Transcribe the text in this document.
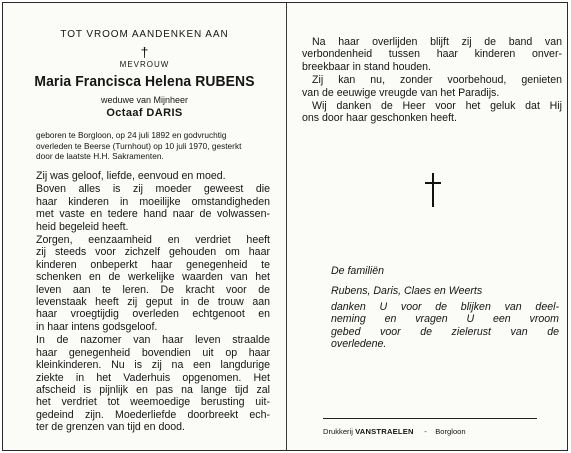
TOT VROOM AANDENKEN AAN
†
MEVROUW
Maria Francisca Helena RUBENS
weduwe van Mijnheer
Octaaf DARIS
geboren te Borgloon, op 24 juli 1892 en godvruchtig
overleden te Beerse (Turnhout) op 10 juli 1970, gesterkt
door de laatste H.H. Sakramenten.
Zij was geloof, liefde, eenvoud en moed.
Boven alles is zij moeder geweest die
haar kinderen in moeilijke omstandigheden
met vaste en tedere hand naar de volwassen-
heid begeleid heeft.
Zorgen, eenzaamheid en verdriet heeft
zij steeds voor zichzelf gehouden om haar
kinderen onbeperkt haar genegenheid te
schenken en de werkelijke waarden van het
leven aan te leren. De kracht voor de
levenstaak heeft zij geput in de trouw aan
haar vroegtijdig overleden echtgenoot en
in haar intens godsgeloof.
In de nazomer van haar leven straalde
haar genegenheid bovendien uit op haar
kleinkinderen. Nu is zij na een langdurige
ziekte in het Vaderhuis opgenomen. Het
afscheid is pijnlijk en pas na lange tijd zal
het verdriet tot weemoedige berusting uit-
gedeind zijn. Moederliefde doorbreekt ech-
ter de grenzen van tijd en dood.
Na haar overlijden blijft zij de band van
verbondenheid tussen haar kinderen onver-
breekbaar in stand houden.
Zij kan nu, zonder voorbehoud, genieten
van de eeuwige vreugde van het Paradijs.
Wij danken de Heer voor het geluk dat Hij
ons door haar geschonken heeft.
De familiën
Rubens, Daris, Claes en Weerts
danken U voor de blijken van deel-
neming en vragen U een vroom
gebed voor de zielerust van de
overledene.
Drukkerij VANSTRAELEN - Borgloon
